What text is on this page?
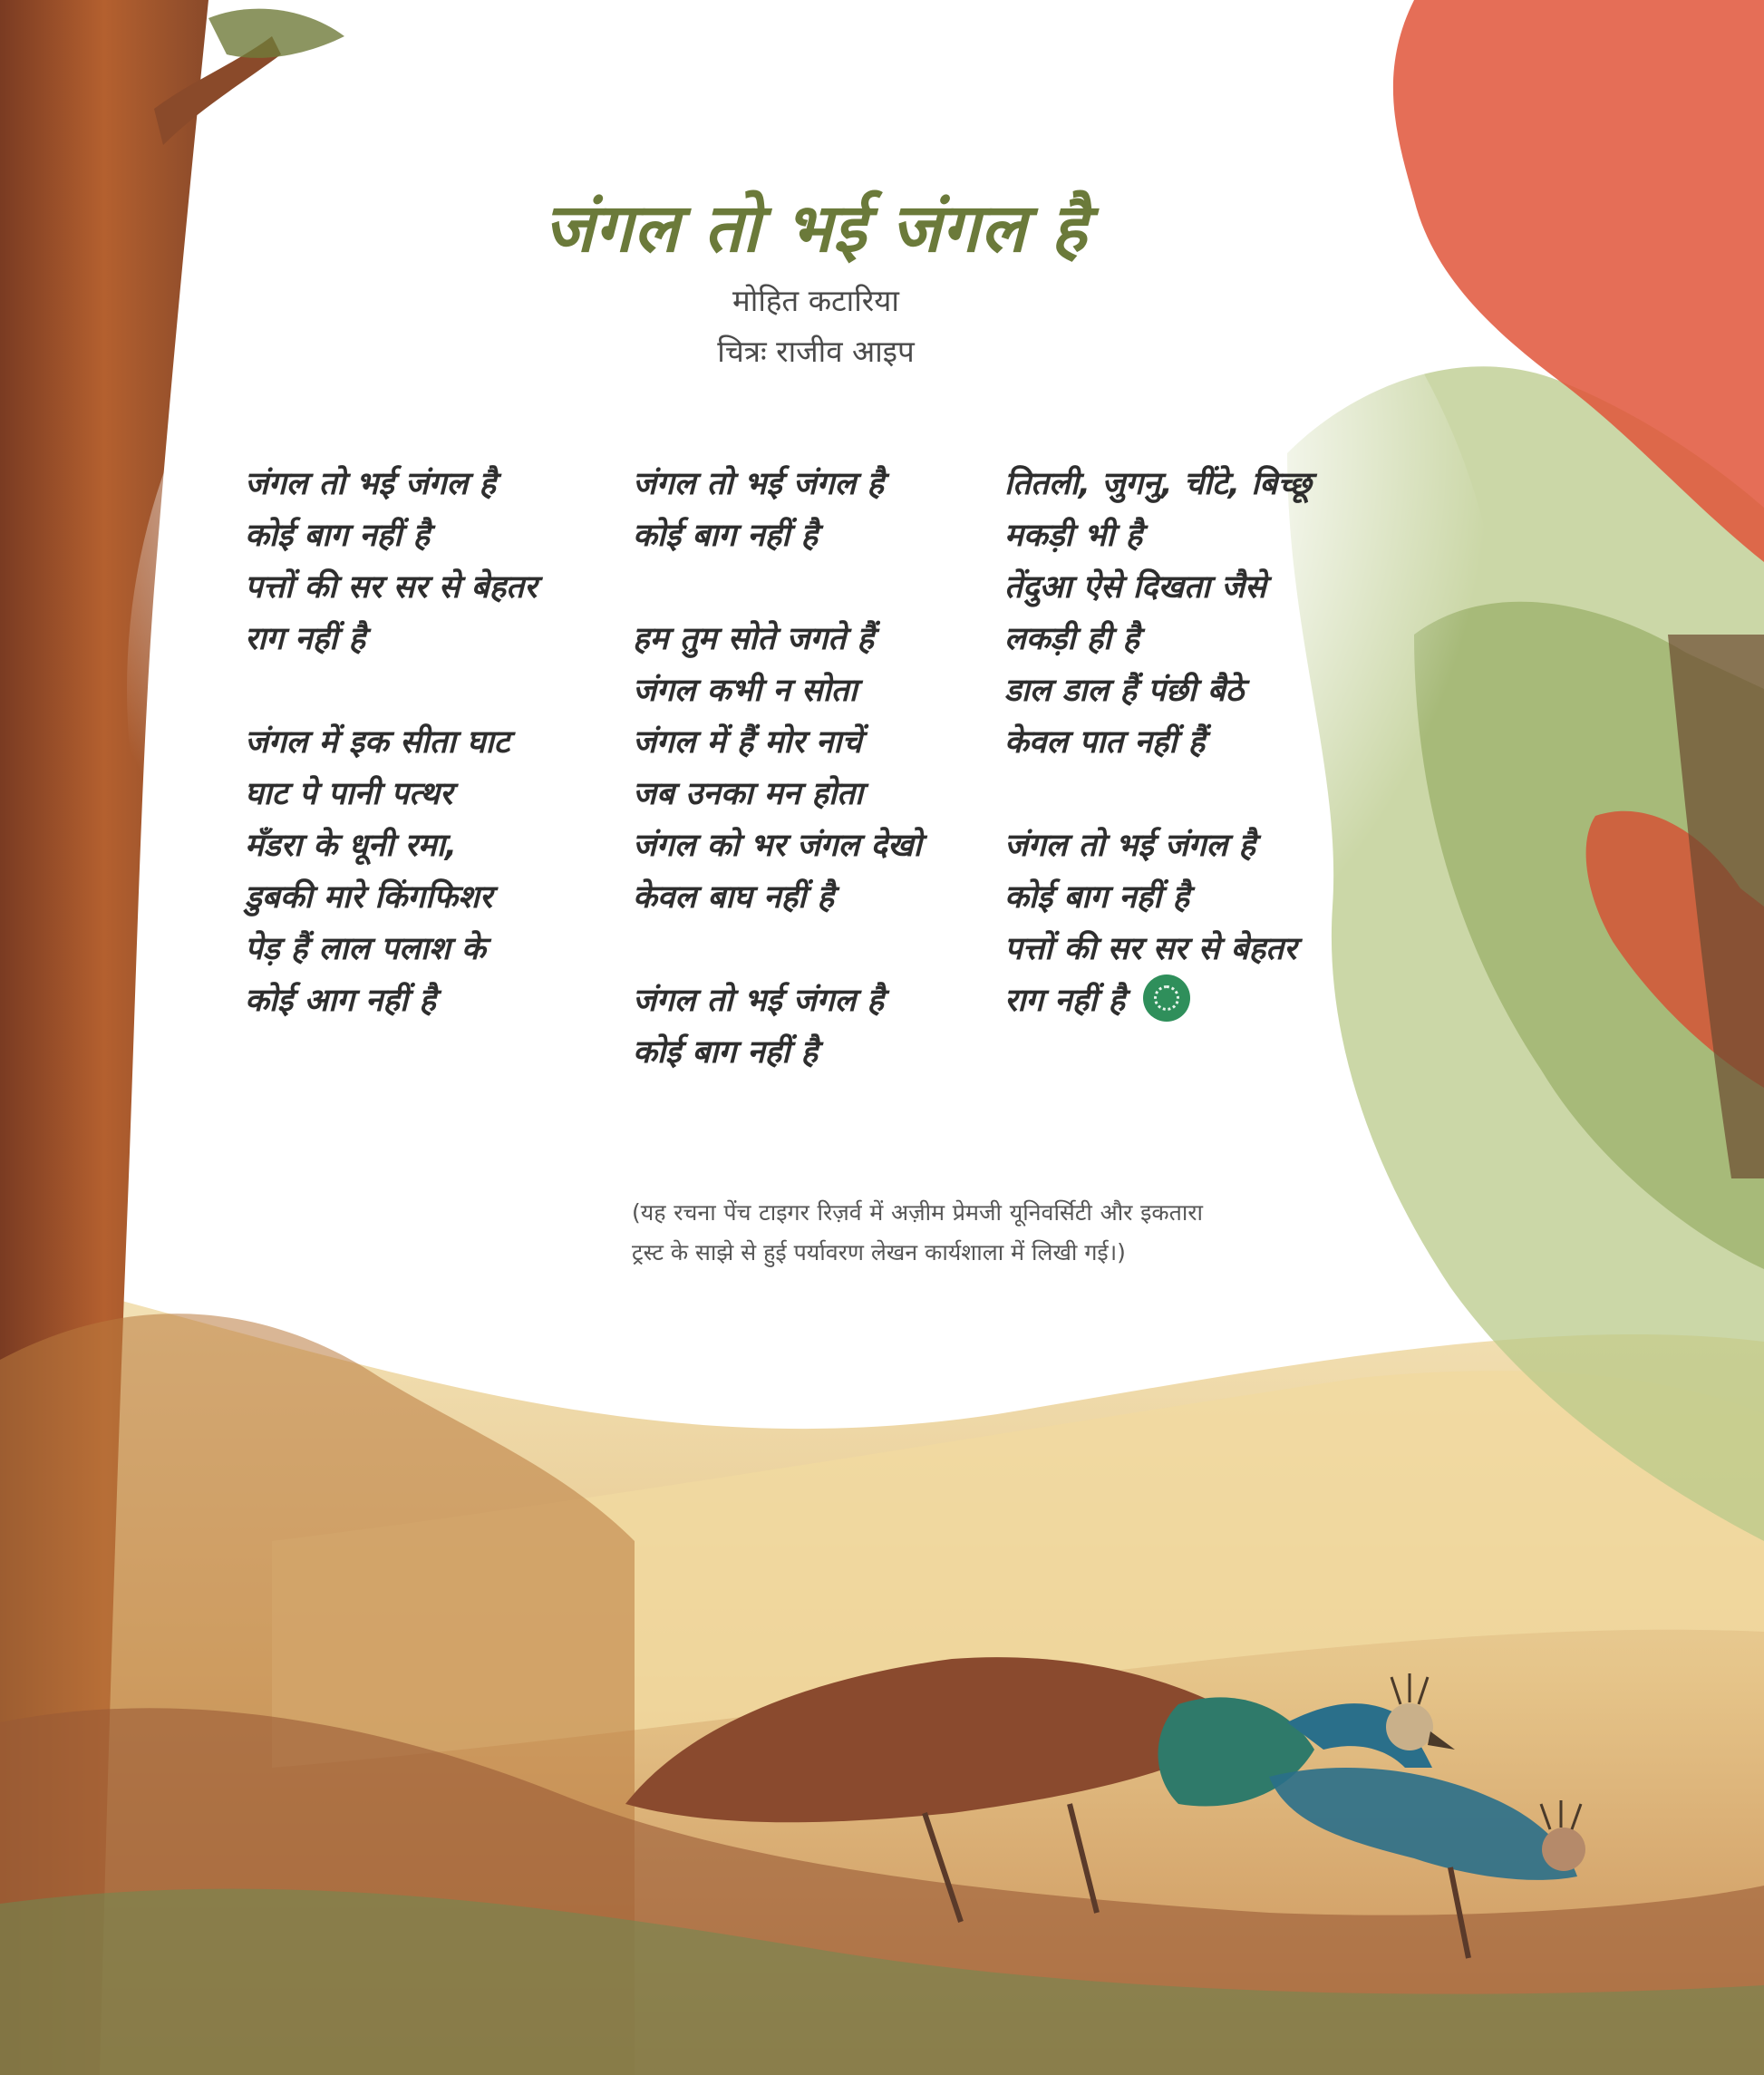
जंगल तो भई जंगल है
मोहित कटारिया
चित्रः राजीव आइप
जंगल तो भई जंगल है
कोई बाग नहीं है
पत्तों की सर सर से बेहतर
राग नहीं है
जंगल में इक सीता घाट
घाट पे पानी पत्थर
मँडरा के धूनी रमा,
डुबकी मारे किंगफिशर
पेड़ हैं लाल पलाश के
कोई आग नहीं है
जंगल तो भई जंगल है
कोई बाग नहीं है
हम तुम सोते जगते हैं
जंगल कभी न सोता
जंगल में हैं मोर नाचें
जब उनका मन होता
जंगल को भर जंगल देखो
केवल बाघ नहीं है
जंगल तो भई जंगल है
कोई बाग नहीं है
तितली, जुगनु, चींटे, बिच्छू
मकड़ी भी है
तेंदुआ ऐसे दिखता जैसे
लकड़ी ही है
डाल डाल हैं पंछी बैठे
केवल पात नहीं हैं
जंगल तो भई जंगल है
कोई बाग नहीं है
पत्तों की सर सर से बेहतर
राग नहीं है
(यह रचना पेंच टाइगर रिज़र्व में अज़ीम प्रेमजी यूनिवर्सिटी और इकतारा ट्रस्ट के साझे से हुई पर्यावरण लेखन कार्यशाला में लिखी गई।)
